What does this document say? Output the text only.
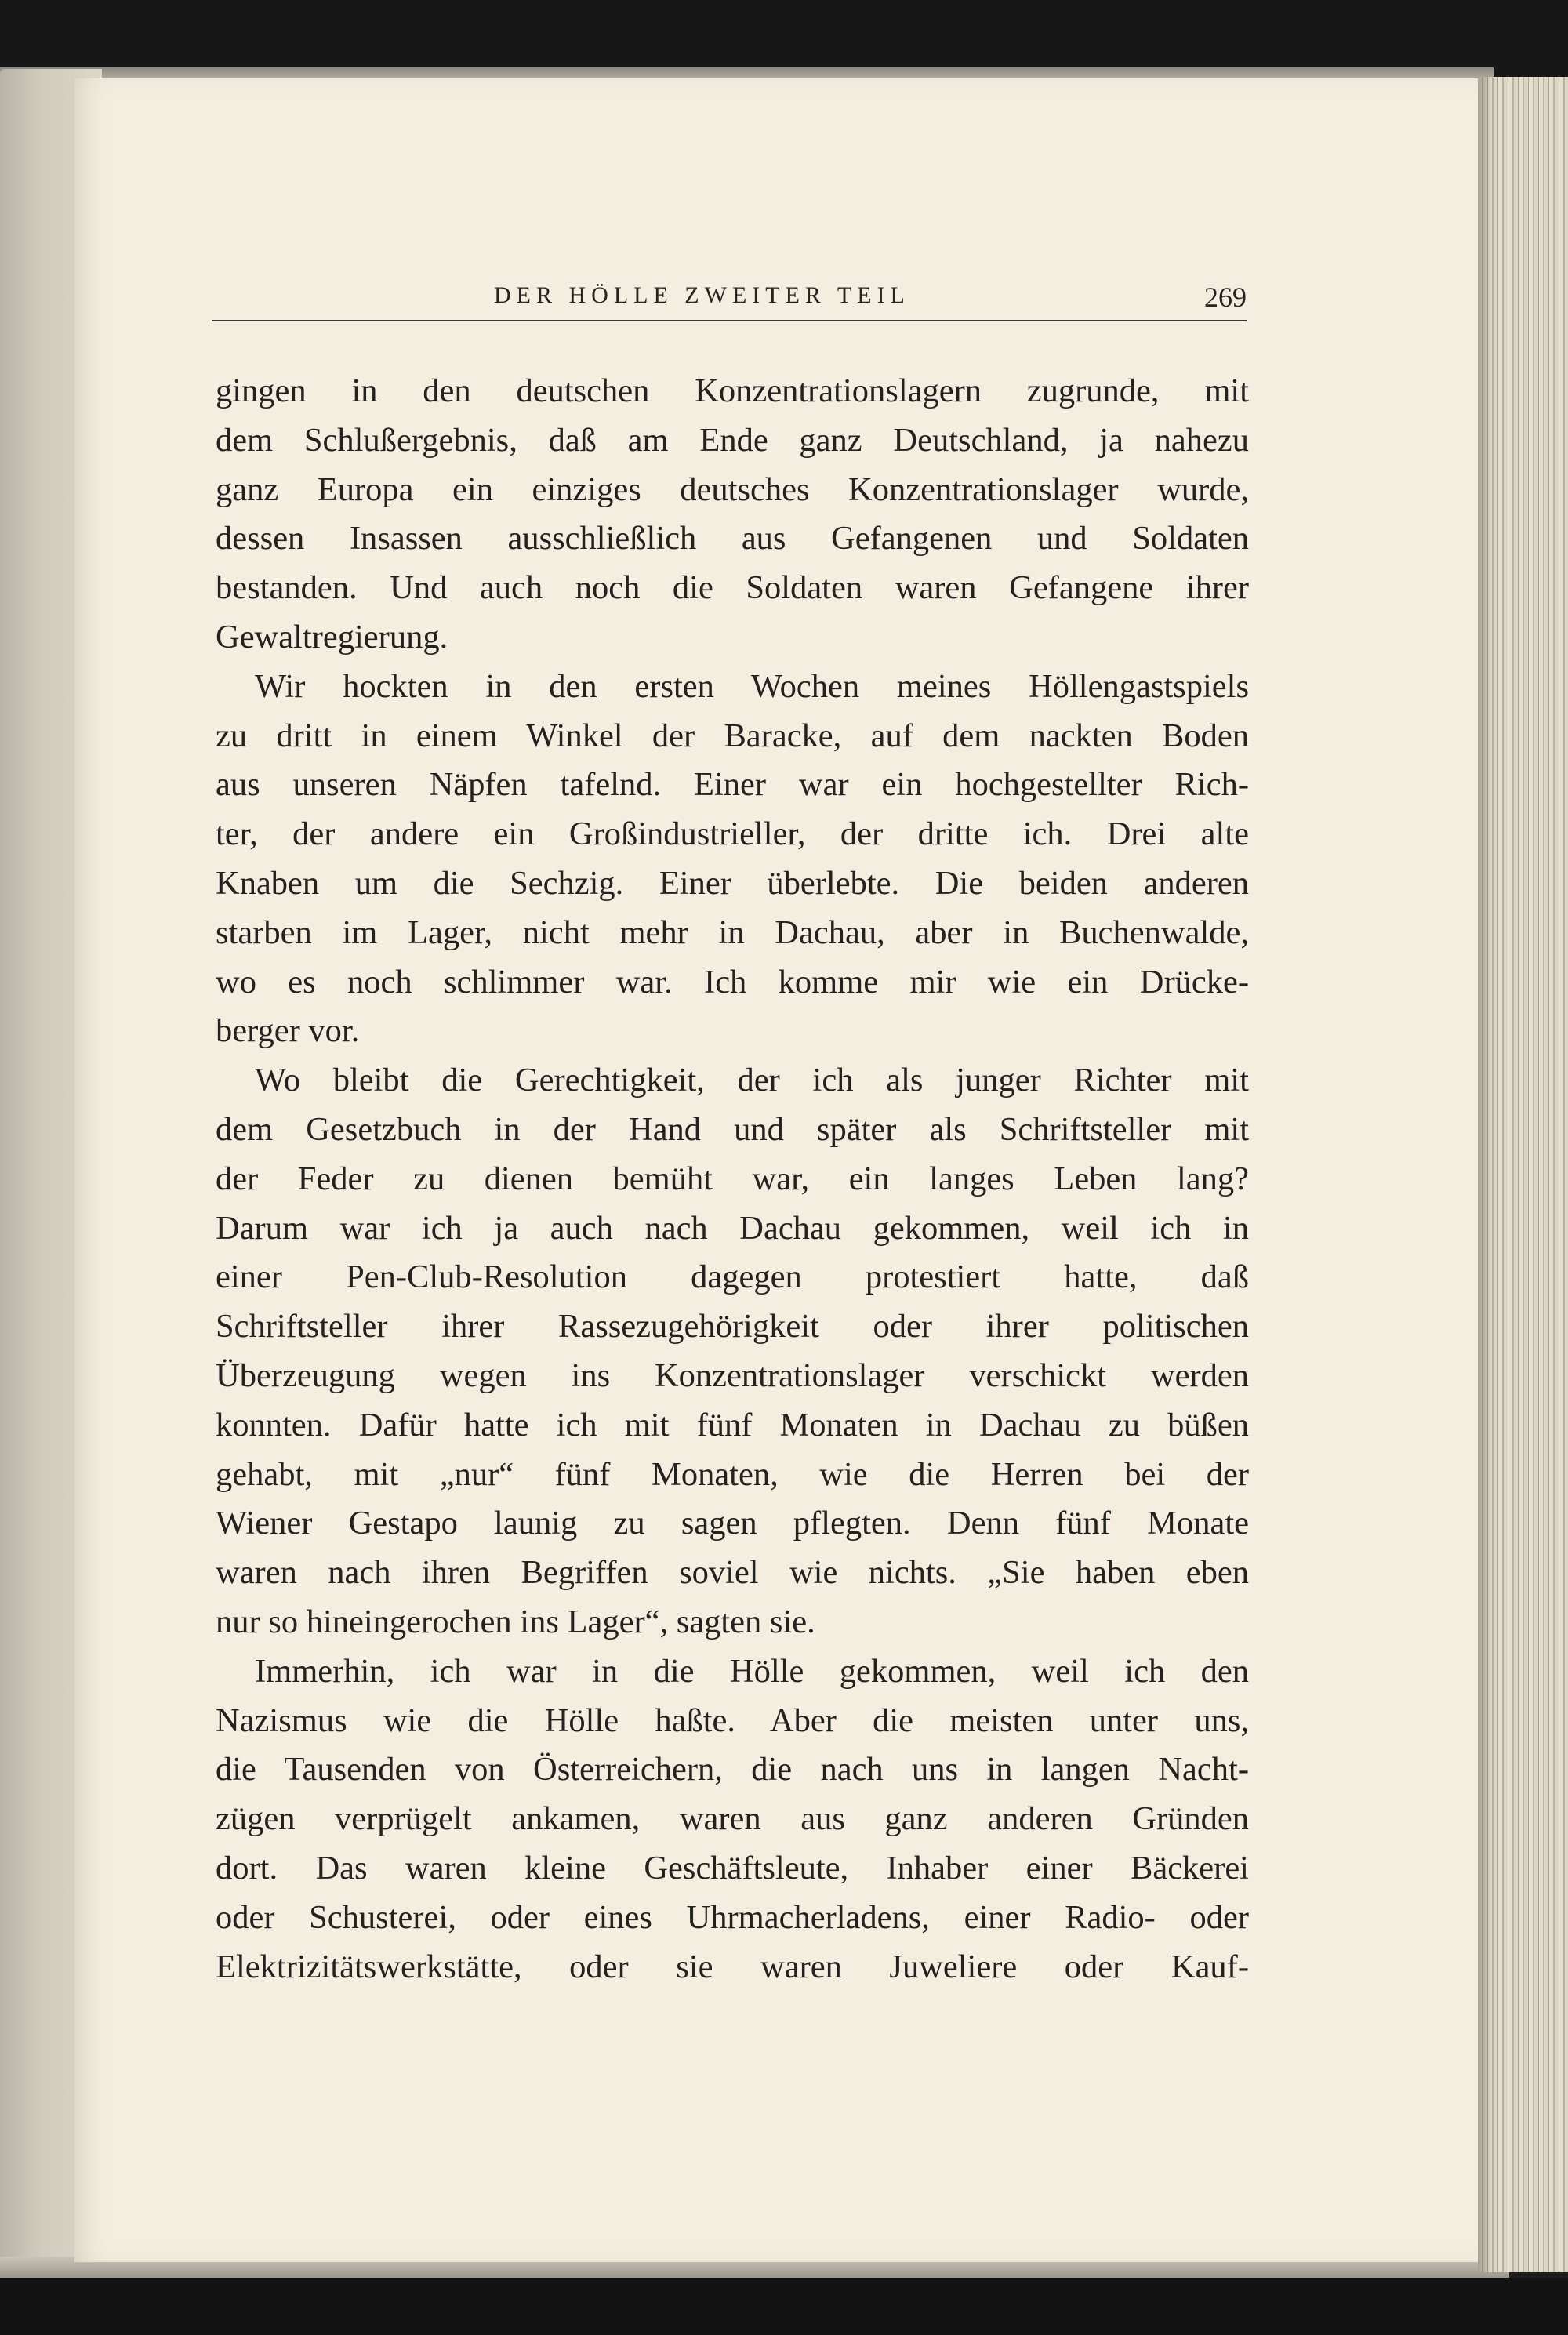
DER HÖLLE ZWEITER TEIL	269
gingen in den deutschen Konzentrationslagern zugrunde, mit
dem Schlußergebnis, daß am Ende ganz Deutschland, ja nahezu
ganz Europa ein einziges deutsches Konzentrationslager wurde,
dessen Insassen ausschließlich aus Gefangenen und Soldaten
bestanden. Und auch noch die Soldaten waren Gefangene ihrer
Gewaltregierung.
Wir hockten in den ersten Wochen meines Höllengastspiels
zu dritt in einem Winkel der Baracke, auf dem nackten Boden
aus unseren Näpfen tafelnd. Einer war ein hochgestellter Rich-
ter, der andere ein Großindustrieller, der dritte ich. Drei alte
Knaben um die Sechzig. Einer überlebte. Die beiden anderen
starben im Lager, nicht mehr in Dachau, aber in Buchenwalde,
wo es noch schlimmer war. Ich komme mir wie ein Drücke-
berger vor.
Wo bleibt die Gerechtigkeit, der ich als junger Richter mit
dem Gesetzbuch in der Hand und später als Schriftsteller mit
der Feder zu dienen bemüht war, ein langes Leben lang?
Darum war ich ja auch nach Dachau gekommen, weil ich in
einer Pen-Club-Resolution dagegen protestiert hatte, daß
Schriftsteller ihrer Rassezugehörigkeit oder ihrer politischen
Überzeugung wegen ins Konzentrationslager verschickt werden
konnten. Dafür hatte ich mit fünf Monaten in Dachau zu büßen
gehabt, mit „nur“ fünf Monaten, wie die Herren bei der
Wiener Gestapo launig zu sagen pflegten. Denn fünf Monate
waren nach ihren Begriffen soviel wie nichts. „Sie haben eben
nur so hineingerochen ins Lager“, sagten sie.
Immerhin, ich war in die Hölle gekommen, weil ich den
Nazismus wie die Hölle haßte. Aber die meisten unter uns,
die Tausenden von Österreichern, die nach uns in langen Nacht-
zügen verprügelt ankamen, waren aus ganz anderen Gründen
dort. Das waren kleine Geschäftsleute, Inhaber einer Bäckerei
oder Schusterei, oder eines Uhrmacherladens, einer Radio- oder
Elektrizitätswerkstätte, oder sie waren Juweliere oder Kauf-
